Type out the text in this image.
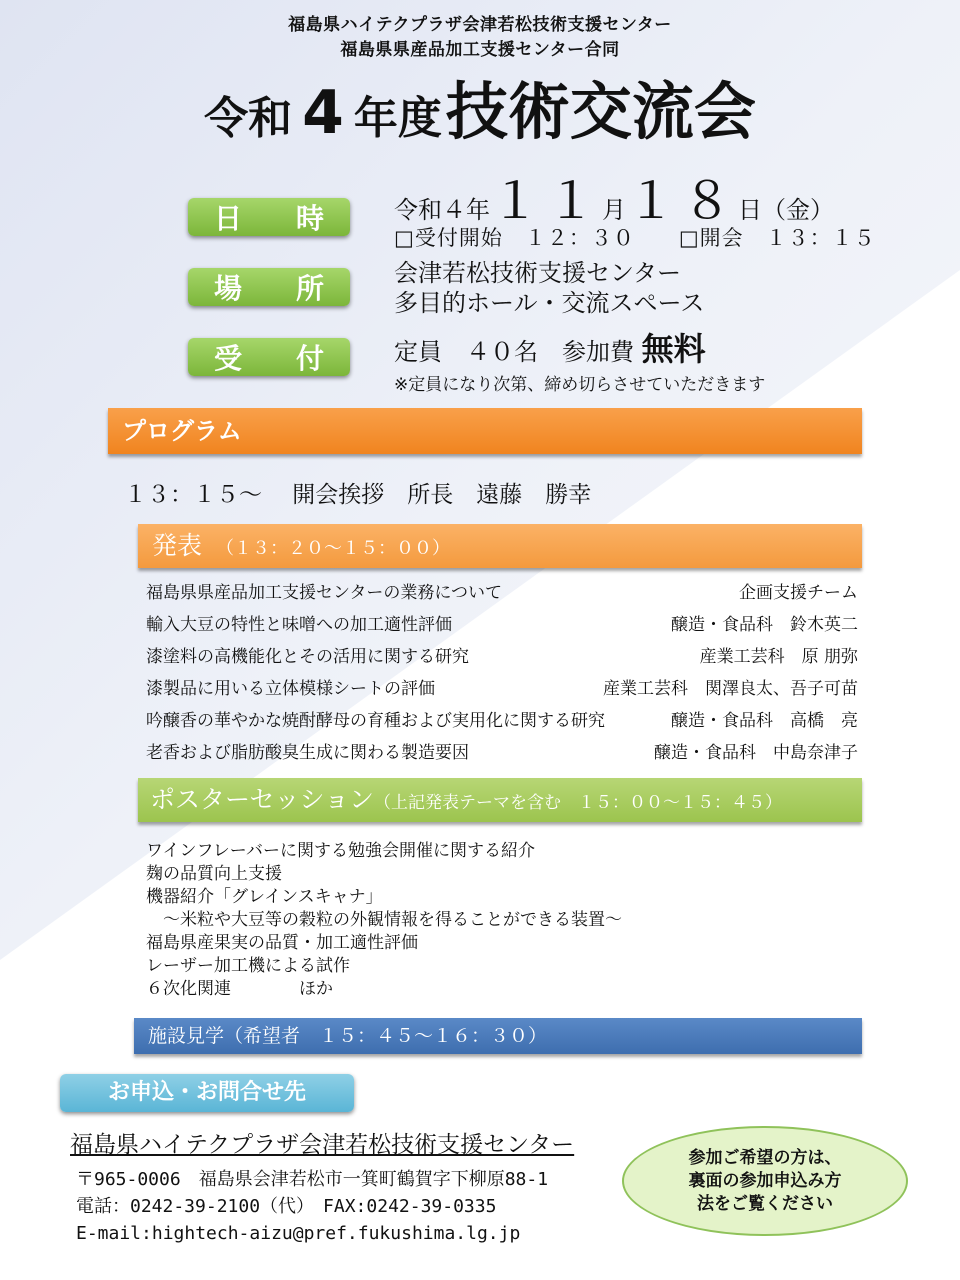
福島県ハイテクプラザ会津若松技術支援センター
福島県県産品加工支援センター合同
令和 4 年度技術交流会
日 時
場 所
受 付
令和４年１１月１８日（金）
□受付開始　１２：３０　　□開会　１３：１５
会津若松技術支援センター
多目的ホール・交流スペース
定員　４０名　参加費 無料
※定員になり次第、締め切らさせていただきます
プログラム
１３：１５～　 開会挨拶　所長　遠藤　勝幸
発表 （１３：２０～１５：００）
福島県県産品加工支援センターの業務について	企画支援チーム
輸入大豆の特性と味噌への加工適性評価	醸造・食品科　鈴木英二
漆塗料の高機能化とその活用に関する研究	産業工芸科　原 朋弥
漆製品に用いる立体模様シートの評価	産業工芸科　関澤良太、吾子可苗
吟醸香の華やかな焼酎酵母の育種および実用化に関する研究	醸造・食品科　高橋　亮
老香および脂肪酸臭生成に関わる製造要因	醸造・食品科　中島奈津子
ポスターセッション（上記発表テーマを含む　１５：００～１５：４５）
ワインフレーバーに関する勉強会開催に関する紹介
麹の品質向上支援
機器紹介「グレインスキャナ」
　～米粒や大豆等の穀粒の外観情報を得ることができる装置～
福島県産果実の品質・加工適性評価
レーザー加工機による試作
６次化関連　　　　ほか
施設見学（希望者　１５：４５～１６：３０）
お申込・お問合せ先
福島県ハイテクプラザ会津若松技術支援センター
〒965-0006　福島県会津若松市一箕町鶴賀字下柳原88-1
電話：0242-39-2100（代）　FAX:0242-39-0335
E-mail:hightech-aizu@pref.fukushima.lg.jp
参加ご希望の方は、
裏面の参加申込み方
法をご覧ください
